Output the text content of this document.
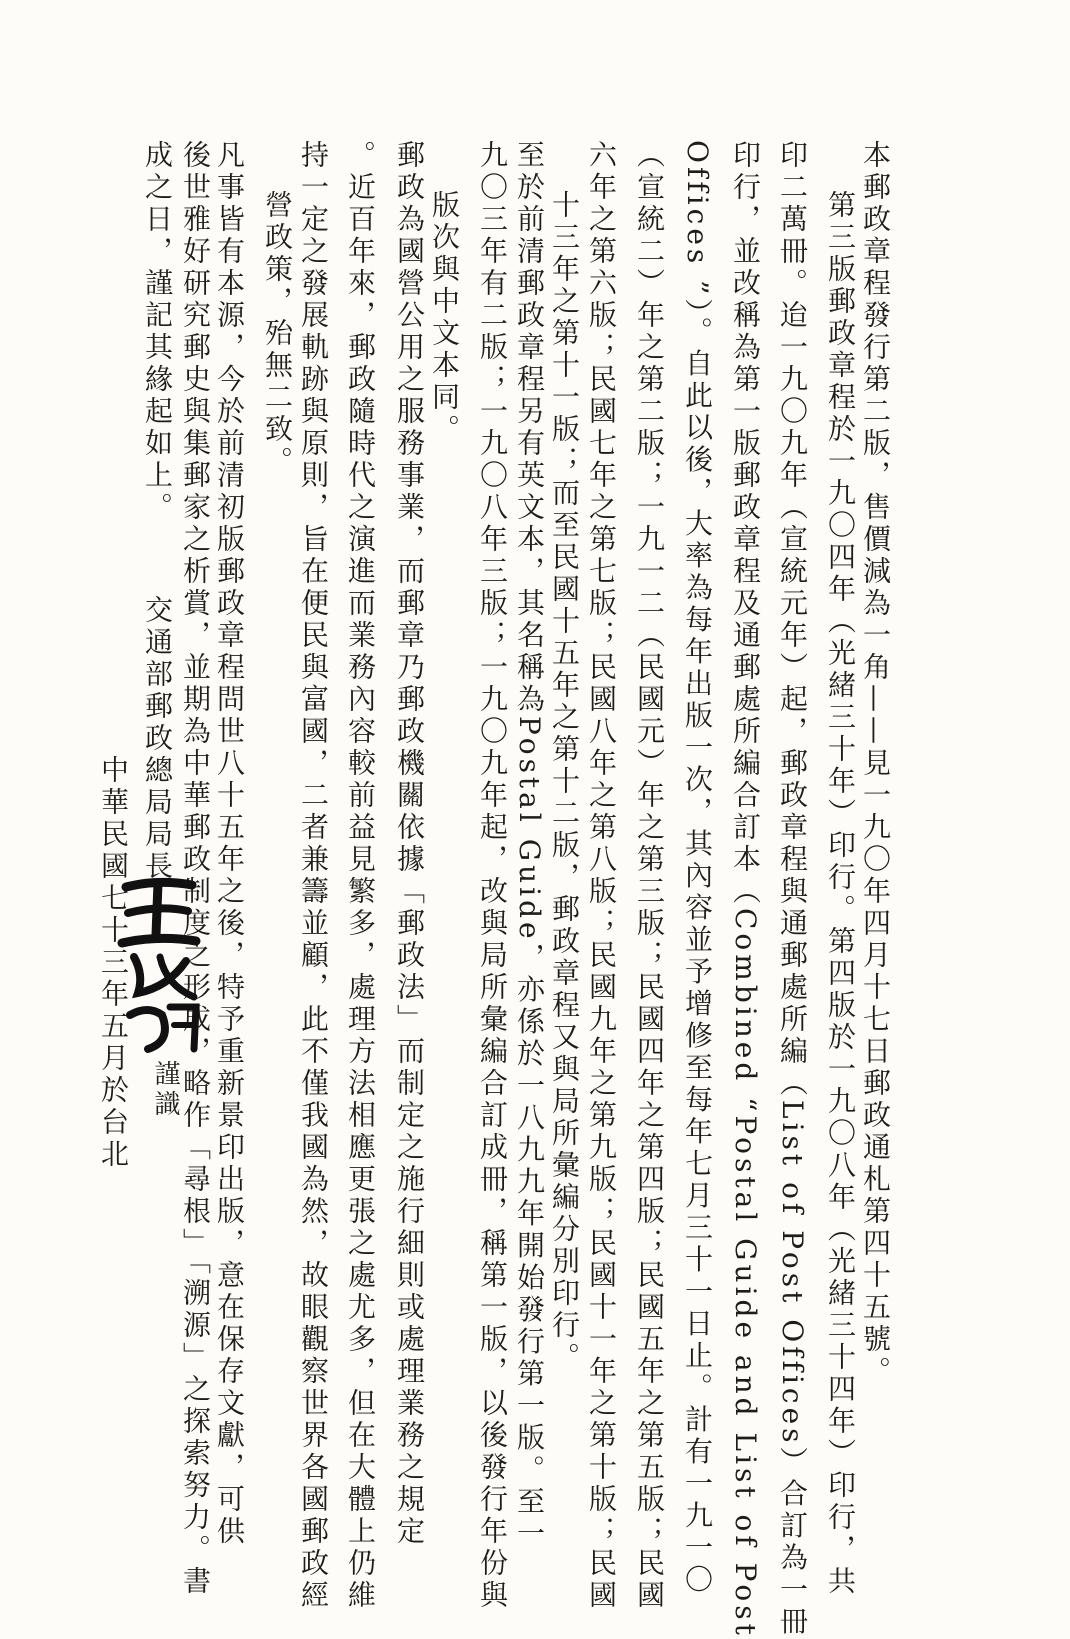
本郵政章程發行第二版，售價減為一角——見一九〇年四月十七日郵政通札第四十五號。
第三版郵政章程於一九〇四年（光緒三十年）印行。第四版於一九〇八年（光緒三十四年）印行，共
印二萬冊。迨一九〇九年（宣統元年）起，郵政章程與通郵處所編（List of Post Offices）合訂為一冊
印行，並改稱為第一版郵政章程及通郵處所編合訂本（Combined “Postal Guide and List of Post
Offices ”）。自此以後，大率為每年出版一次，其內容並予增修至每年七月三十一日止。計有一九一〇
（宣統二）年之第二版；一九一二（民國元）年之第三版；民國四年之第四版；民國五年之第五版；民國
六年之第六版；民國七年之第七版；民國八年之第八版；民國九年之第九版；民國十一年之第十版；民國
十三年之第十一版；而至民國十五年之第十二版，郵政章程又與局所彙編分別印行。
至於前清郵政章程另有英文本，其名稱為Postal Guide，亦係於一八九九年開始發行第一版。至一
九〇三年有二版；一九〇八年三版；一九〇九年起，改與局所彙編合訂成冊，稱第一版，以後發行年份與
版次與中文本同。
郵政為國營公用之服務事業，而郵章乃郵政機關依據「郵政法」而制定之施行細則或處理業務之規定
。近百年來，郵政隨時代之演進而業務內容較前益見繁多，處理方法相應更張之處尤多，但在大體上仍維
持一定之發展軌跡與原則，旨在便民與富國，二者兼籌並顧，此不僅我國為然，故眼觀察世界各國郵政經
營政策，殆無二致。
凡事皆有本源，今於前清初版郵政章程問世八十五年之後，特予重新景印出版，意在保存文獻，可供
後世雅好研究郵史與集郵家之析賞，並期為中華郵政制度之形成，略作「尋根」「溯源」之探索努力。書
成之日，謹記其緣起如上。
交通部郵政總局局長
謹識
中華民國七十三年五月於台北
